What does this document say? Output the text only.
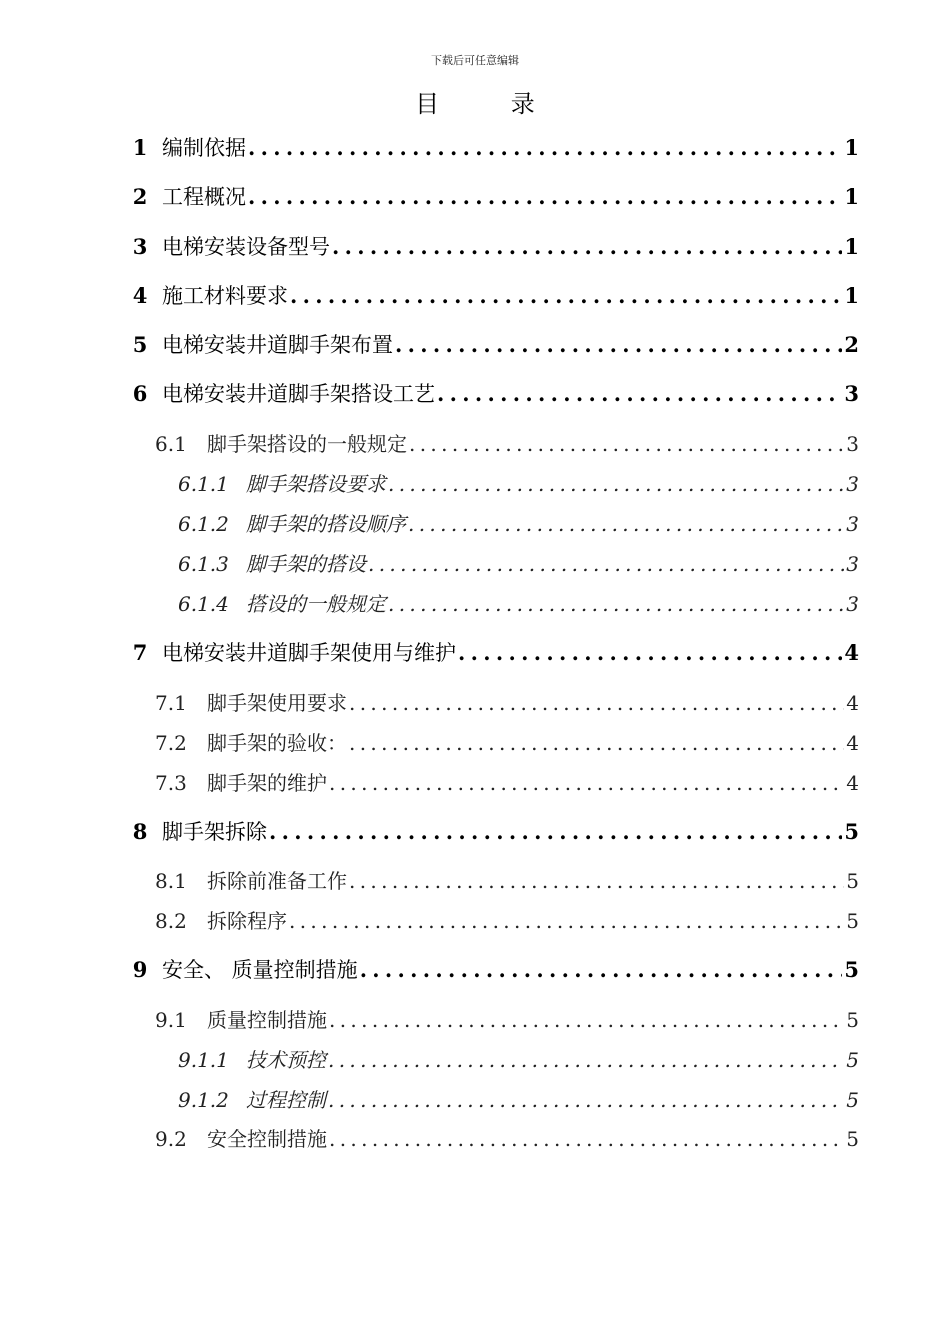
下载后可任意编辑
目 录
1 编制依据 . . .	1
2 工程概况 . . .	1
3 电梯安装设备型号 . . .	1
4 施工材料要求 . . .	1
5 电梯安装井道脚手架布置 . . .	2
6 电梯安装井道脚手架搭设工艺 . . .	3
6.1	脚手架搭设的一般规定 . . .	3
6.1.1 脚手架搭设要求 . . .	3
6.1.2 脚手架的搭设顺序 . . .	3
6.1.3 脚手架的搭设 . . .	3
6.1.4 搭设的一般规定 . . .	3
7 电梯安装井道脚手架使用与维护 . . .	4
7.1	脚手架使用要求 . . .	4
7.2	脚手架的验收： . . .	4
7.3	脚手架的维护 . . .	4
8 脚手架拆除 . . .	5
8.1	拆除前准备工作 . . .	5
8.2	拆除程序 . . .	5
9 安全、 质量控制措施 . . .	5
9.1	质量控制措施 . . .	5
9.1.1 技术预控 . . .	5
9.1.2 过程控制 . . .	5
9.2	安全控制措施 . . .	5
